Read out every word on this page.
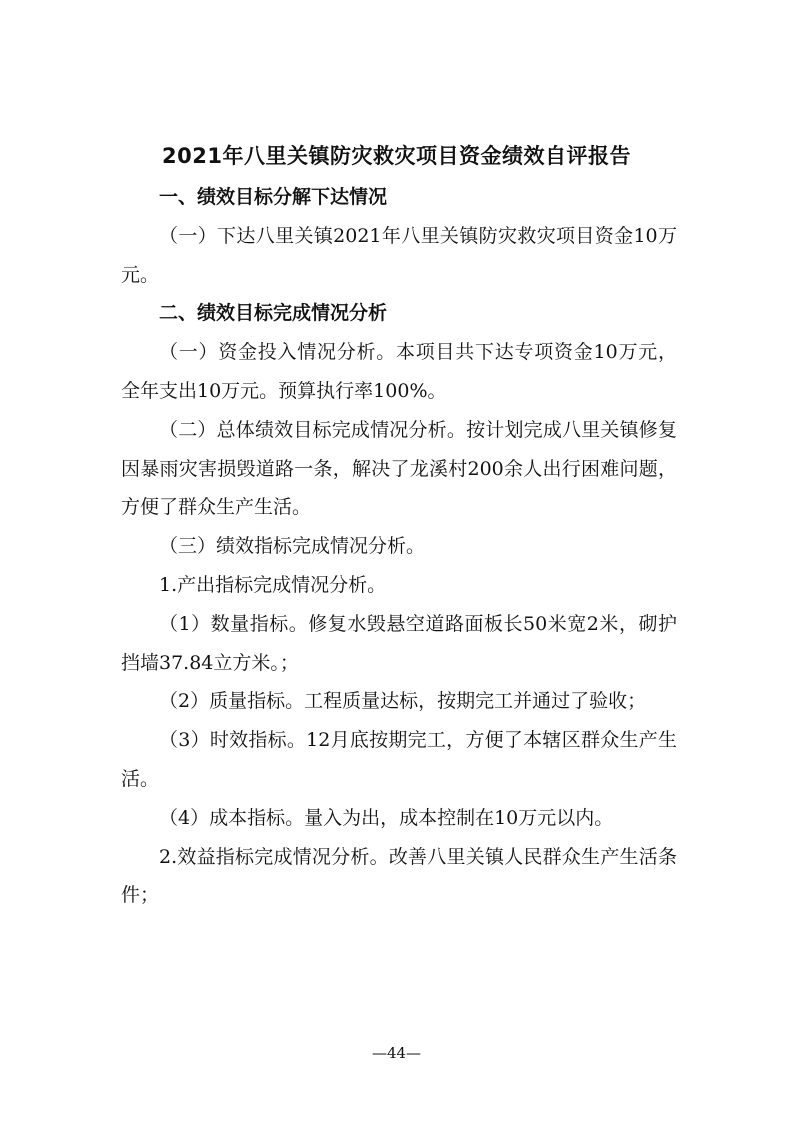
2021年八里关镇防灾救灾项目资金绩效自评报告

一、绩效目标分解下达情况

（一）下达八里关镇2021年八里关镇防灾救灾项目资金10万元。

二、绩效目标完成情况分析

（一）资金投入情况分析。本项目共下达专项资金10万元，全年支出10万元。预算执行率100%。

（二）总体绩效目标完成情况分析。按计划完成八里关镇修复因暴雨灾害损毁道路一条，解决了龙溪村200余人出行困难问题，方便了群众生产生活。

（三）绩效指标完成情况分析。

1.产出指标完成情况分析。

（1）数量指标。修复水毁悬空道路面板长50米宽2米，砌护挡墙37.84立方米。；

（2）质量指标。工程质量达标，按期完工并通过了验收；

（3）时效指标。12月底按期完工，方便了本辖区群众生产生活。

（4）成本指标。量入为出，成本控制在10万元以内。

2.效益指标完成情况分析。改善八里关镇人民群众生产生活条件；

—44—
